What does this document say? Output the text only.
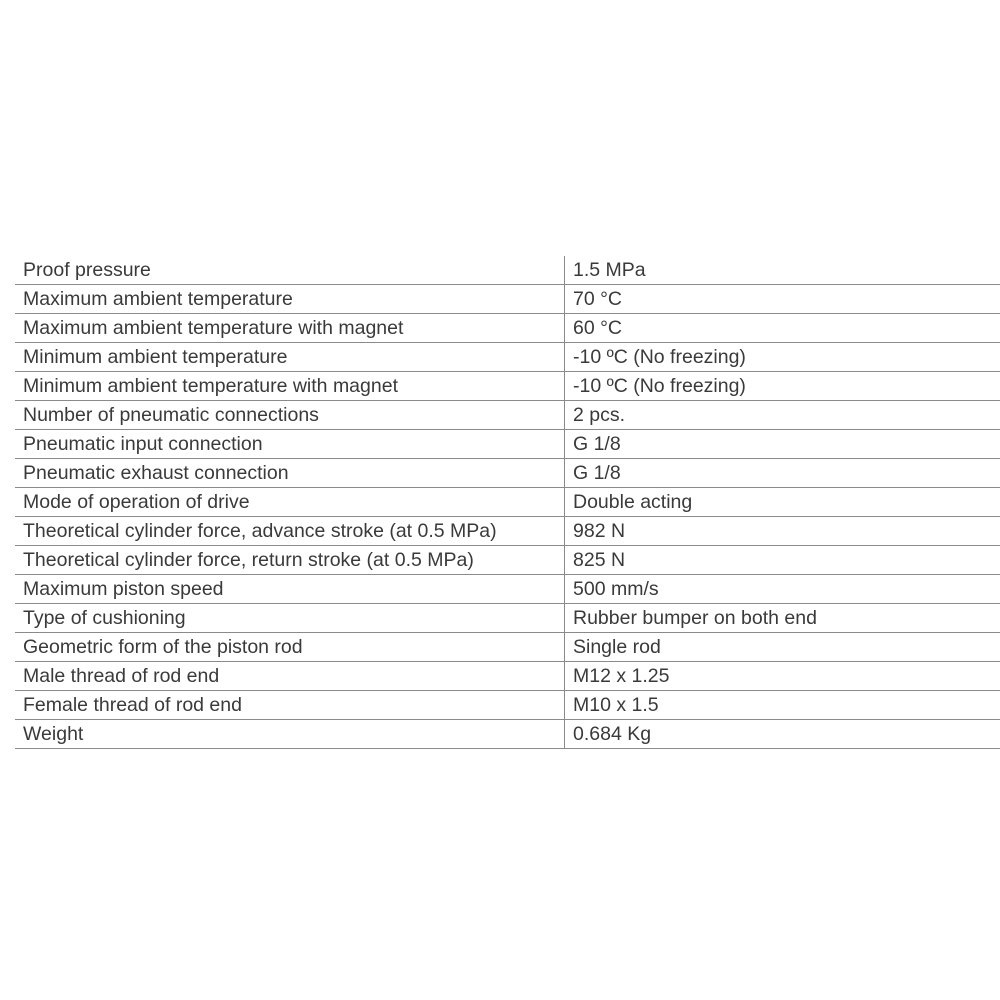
Proof pressure	1.5 MPa
Maximum ambient temperature	70 °C
Maximum ambient temperature with magnet	60 °C
Minimum ambient temperature	-10 ºC (No freezing)
Minimum ambient temperature with magnet	-10 ºC (No freezing)
Number of pneumatic connections	2 pcs.
Pneumatic input connection	G 1/8
Pneumatic exhaust connection	G 1/8
Mode of operation of drive	Double acting
Theoretical cylinder force, advance stroke (at 0.5 MPa)	982 N
Theoretical cylinder force, return stroke (at 0.5 MPa)	825 N
Maximum piston speed	500 mm/s
Type of cushioning	Rubber bumper on both end
Geometric form of the piston rod	Single rod
Male thread of rod end	M12 x 1.25
Female thread of rod end	M10 x 1.5
Weight	0.684 Kg
